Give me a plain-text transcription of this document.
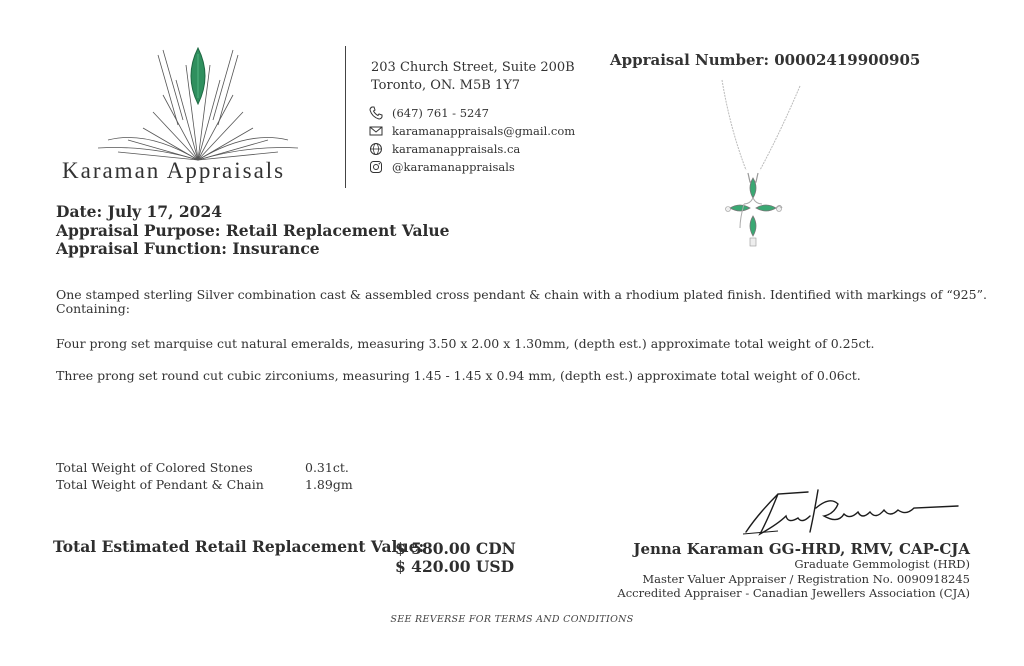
Karaman Appraisals
203 Church Street, Suite 200B
Toronto, ON. M5B 1Y7
(647) 761 - 5247
karamanappraisals@gmail.com
karamanappraisals.ca
@karamanappraisals
Appraisal Number: 00002419900905
Date: July 17, 2024
Appraisal Purpose: Retail Replacement Value
Appraisal Function: Insurance
One stamped sterling Silver combination cast & assembled cross pendant & chain with a rhodium plated finish. Identified with markings of “925”.
Containing:
Four prong set marquise cut natural emeralds, measuring 3.50 x 2.00 x 1.30mm, (depth est.) approximate total weight of 0.25ct.
Three prong set round cut cubic zirconiums, measuring 1.45 - 1.45 x 0.94 mm, (depth est.) approximate total weight of 0.06ct.
Total Weight of Colored Stones	0.31ct.
Total Weight of Pendant & Chain	1.89gm
Total Estimated Retail Replacement Value:
$ 580.00 CDN
$ 420.00 USD
Jenna Karaman GG-HRD, RMV, CAP-CJA
Graduate Gemmologist (HRD)
Master Valuer Appraiser / Registration No. 0090918245
Accredited Appraiser - Canadian Jewellers Association (CJA)
SEE REVERSE FOR TERMS AND CONDITIONS
